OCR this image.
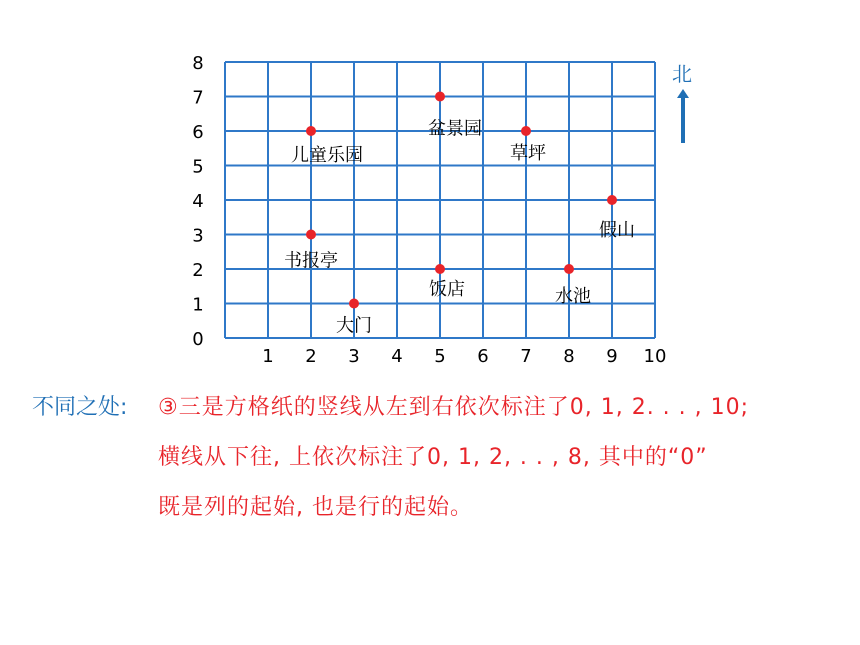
1 2 3 4 5 6 7 8 9 10
0
1
2
3
4
5
6
7
8
盆景园
儿童乐园	草坪
假山
书报亭
饭店	水池
大门
北
不同之处: ③三是方格纸的竖线从左到右依次标注了0, 1, 2. . . , 10;
横线从下往, 上依次标注了0, 1, 2, . . , 8, 其中的“0”
既是列的起始, 也是行的起始。
